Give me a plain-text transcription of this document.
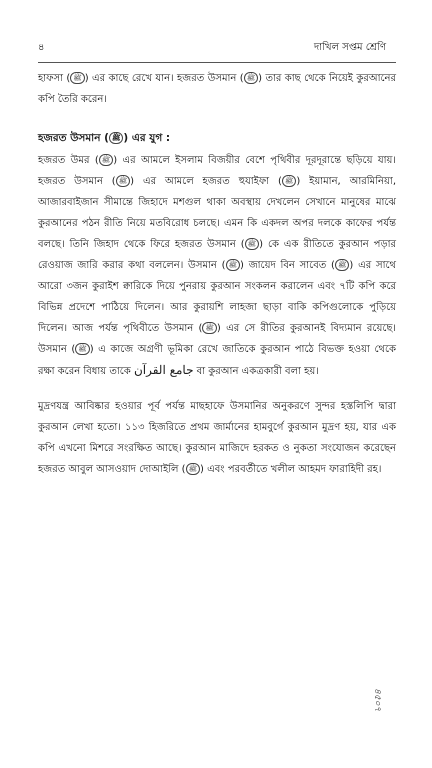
৪	দাখিল সপ্তম শ্রেণি

হাফসা ( ﷺ ) এর কাছে রেখে যান। হজরত উসমান ( ﷺ ) তার কাছ থেকে নিয়েই কুরআনের কপি তৈরি করেন।

হজরত উসমান ( ﷺ ) এর যুগ :

হজরত উমর ( ﷺ ) এর আমলে ইসলাম বিজয়ীর বেশে পৃথিবীর দূরদূরান্তে ছড়িয়ে যায়। হজরত উসমান ( ﷺ ) এর আমলে হজরত হুযাইফা ( ﷺ ) ইয়ামান, আরমিনিয়া, আজারবাইজান সীমান্তে জিহাদে মশগুল থাকা অবস্থায় দেখলেন সেখানে মানুষের মাঝে কুরআনের পঠন রীতি নিয়ে মতবিরোধ চলছে। এমন কি একদল অপর দলকে কাফের পর্যন্ত বলছে। তিনি জিহাদ থেকে ফিরে হজরত উসমান ( ﷺ ) কে এক রীতিতে কুরআন পড়ার রেওয়াজ জারি করার কথা বললেন। উসমান ( ﷺ ) জায়েদ বিন সাবেত ( ﷺ ) এর সাথে আরো ৩জন কুরাইশ ক্বারিকে দিয়ে পুনরায় কুরআন সংকলন করালেন এবং ৭টি কপি করে বিভিন্ন প্রদেশে পাঠিয়ে দিলেন। আর কুরায়শি লাহজা ছাড়া বাকি কপিগুলোকে পুড়িয়ে দিলেন। আজ পর্যন্ত পৃথিবীতে উসমান ( ﷺ ) এর সে রীতির কুরআনই বিদ্যমান রয়েছে। উসমান ( ﷺ ) এ কাজে অগ্রণী ভূমিকা রেখে জাতিকে কুরআন পাঠে বিভক্ত হওয়া থেকে রক্ষা করেন বিধায় তাকে جامع القرآن বা কুরআন একত্রকারী বলা হয়।

মুদ্রণযন্ত্র আবিষ্কার হওয়ার পূর্ব পর্যন্ত মাছহাফে উসমানির অনুকরণে সুন্দর হস্তলিপি দ্বারা কুরআন লেখা হতো। ১১৩ হিজরিতে প্রথম জার্মানের হামবুর্গে কুরআন মুদ্রণ হয়, যার এক কপি এখনো মিশরে সংরক্ষিত আছে। কুরআন মাজিদে হরকত ও নুকতা সংযোজন করেছেন হজরত আবুল আসওয়াদ দোআইলি ( ﷺ ) এবং পরবর্তীতে খলীল আহমদ ফারাহিদী রহ।

৪৫০৭
